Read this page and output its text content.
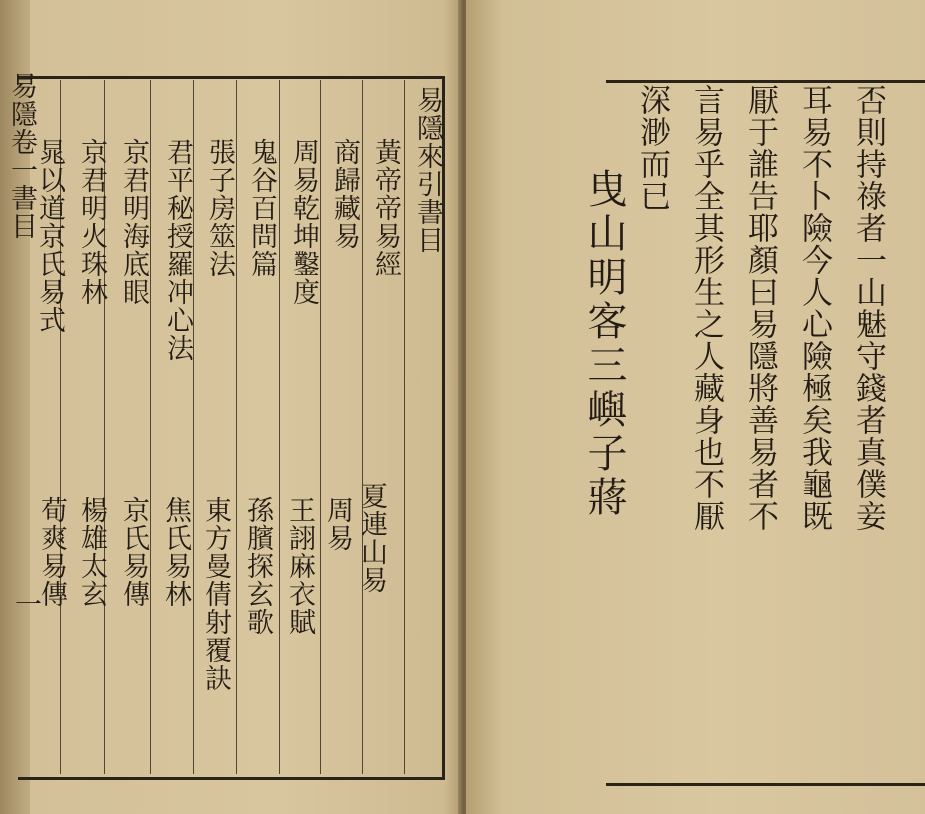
易隱卷一書目
一
易隱來引書目
黃帝帝易經
商歸藏易
周易乾坤鑿度
鬼谷百問篇
張子房筮法
君平秘授羅冲心法
京君明海底眼
京君明火珠林
晁以道京氏易式
夏連山易
周易
王詡麻衣賦
孫臏探玄歌
東方曼倩射覆訣
焦氏易林
京氏易傳
楊雄太玄
荀爽易傳
否則持祿者一山魅守錢者真僕妾
耳易不卜險今人心險極矣我龜既
厭于誰告耶顏曰易隱將善易者不
言易乎全其形生之人藏身也不厭
深渺而已
曳山明客三嶼子蔣
